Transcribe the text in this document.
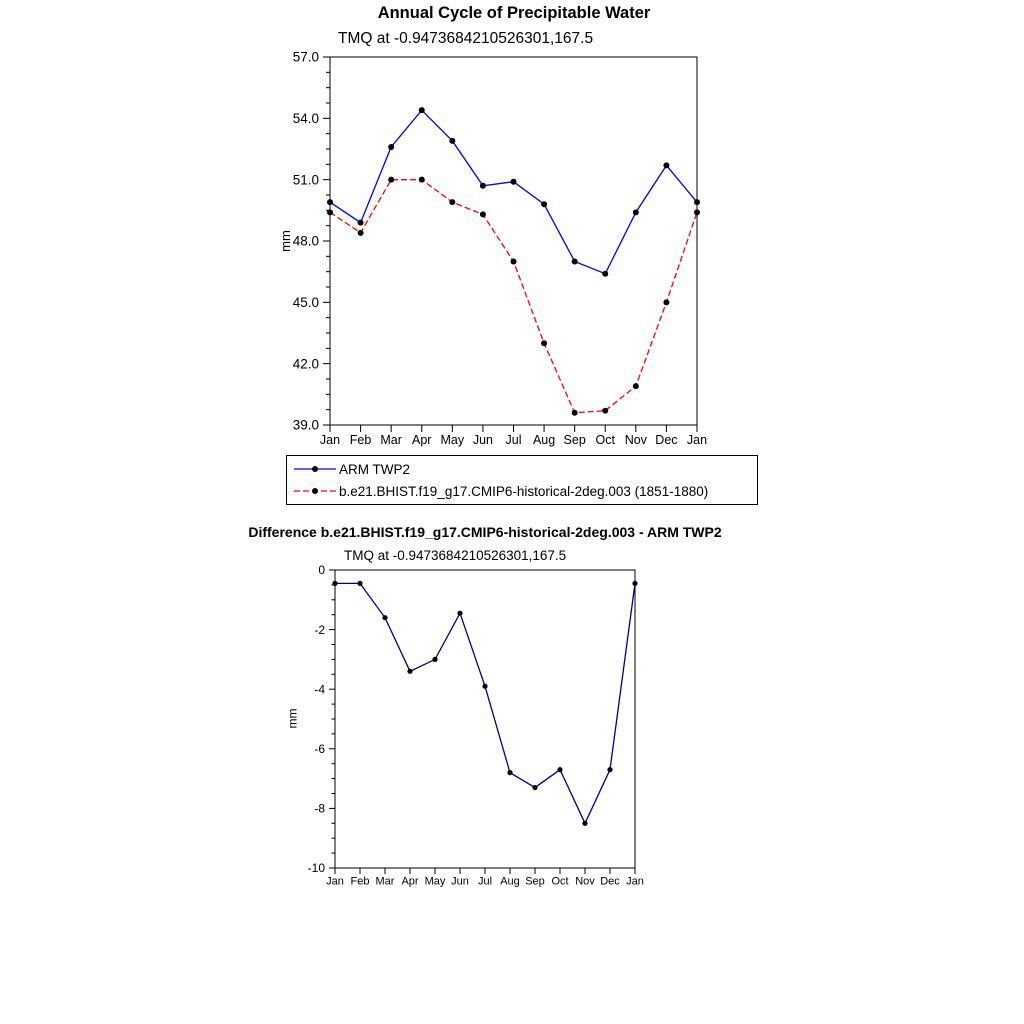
39.0
42.0
45.0
48.0
51.0
54.0
57.0
Jan Feb Mar Apr May Jun Jul Aug Sep Oct Nov Dec Jan
-10
-8
-6
-4
-2
0
Jan Feb Mar Apr May Jun Jul Aug Sep Oct Nov Dec Jan
Annual Cycle of Precipitable Water
TMQ at -0.9473684210526301,167.5
mm
ARM TWP2
b.e21.BHIST.f19_g17.CMIP6-historical-2deg.003 (1851-1880)
Difference b.e21.BHIST.f19_g17.CMIP6-historical-2deg.003 - ARM TWP2
TMQ at -0.9473684210526301,167.5
mm
